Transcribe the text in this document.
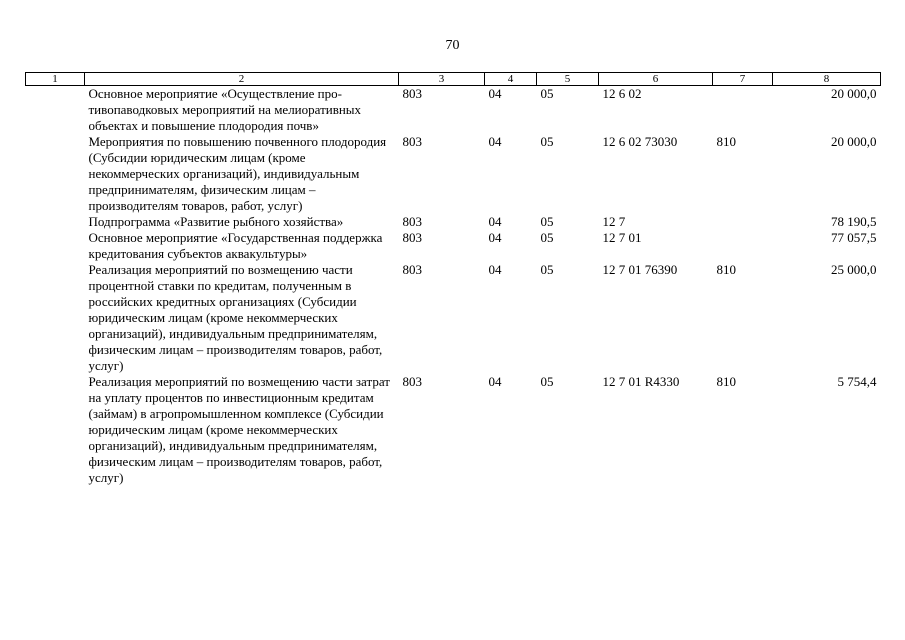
70
1	2	3	4	5	6	7	8
	Основное мероприятие «Осуществление противопаводковых мероприятий на мелиоративных объектах и повышение плодородия почв»	803	04	05	12 6 02		20 000,0
	Мероприятия по повышению почвенного плодородия (Субсидии юридическим лицам (кроме некоммерческих организаций), индивидуальным предпринимателям, физическим лицам – производителям товаров, работ, услуг)	803	04	05	12 6 02 73030	810	20 000,0
	Подпрограмма «Развитие рыбного хозяйства»	803	04	05	12 7		78 190,5
	Основное мероприятие «Государственная поддержка кредитования субъектов аквакультуры»	803	04	05	12 7 01		77 057,5
	Реализация мероприятий по возмещению части процентной ставки по кредитам, полученным в российских кредитных организациях (Субсидии юридическим лицам (кроме некоммерческих организаций), индивидуальным предпринимателям, физическим лицам – производителям товаров, работ, услуг)	803	04	05	12 7 01 76390	810	25 000,0
	Реализация мероприятий по возмещению части затрат на уплату процентов по инвестиционным кредитам (займам) в агропромышленном комплексе (Субсидии юридическим лицам (кроме некоммерческих организаций), индивидуальным предпринимателям, физическим лицам – производителям товаров, работ, услуг)	803	04	05	12 7 01 R4330	810	5 754,4
